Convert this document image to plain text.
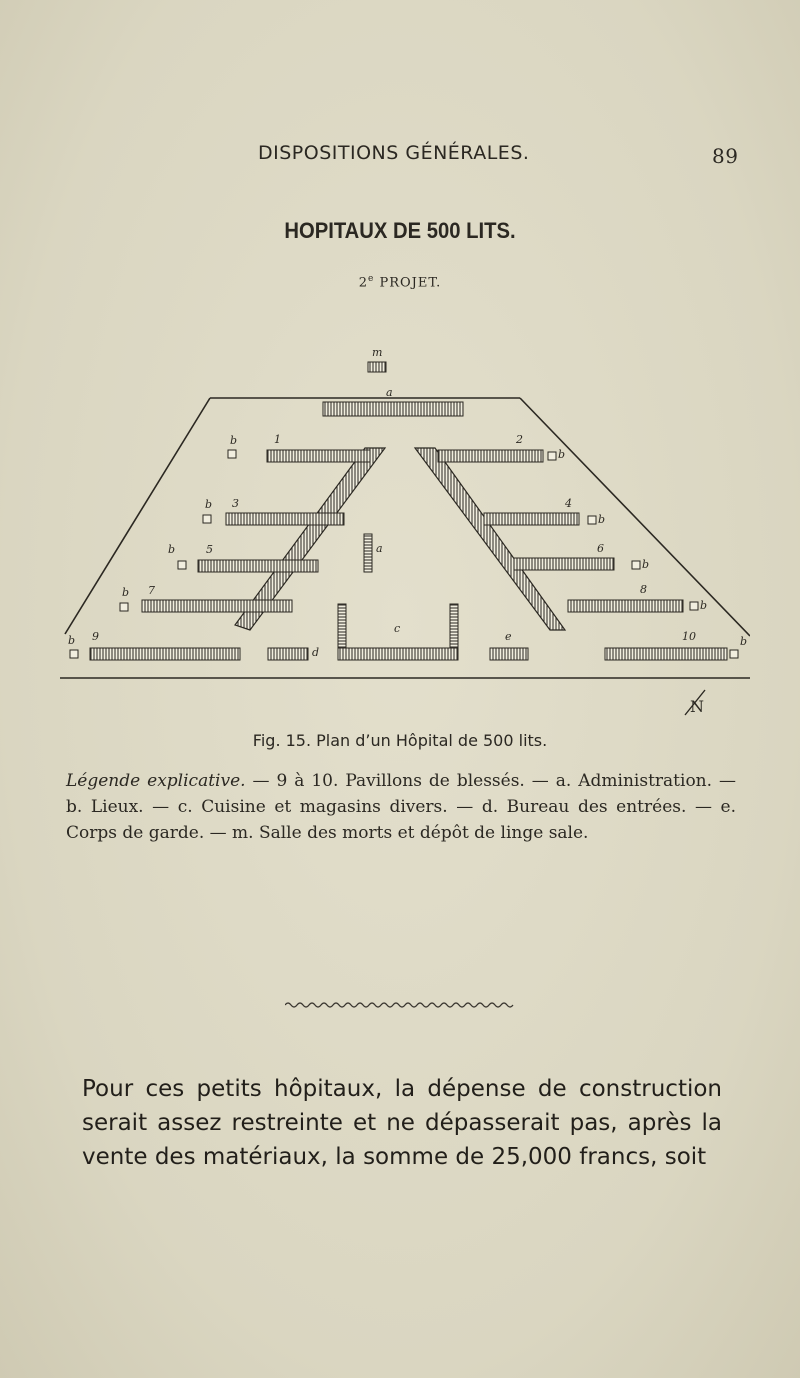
DISPOSITIONS GÉNÉRALES.	89
HOPITAUX DE 500 LITS.
2e PROJET.
m
a
1	2
3	4
5	6
7	8
9	10
b
b
b
b
b
b
b
b
b
b
a
c
d
e
N
Fig. 15. Plan d’un Hôpital de 500 lits.
Légende explicative. — 9 à 10. Pavillons de blessés. — a. Administration. — b. Lieux. — c. Cuisine et magasins divers. — d. Bureau des entrées. — e. Corps de garde. — m. Salle des morts et dépôt de linge sale.
Pour ces petits hôpitaux, la dépense de construction serait assez restreinte et ne dépasserait pas, après la vente des matériaux, la somme de 25,000 francs, soit
